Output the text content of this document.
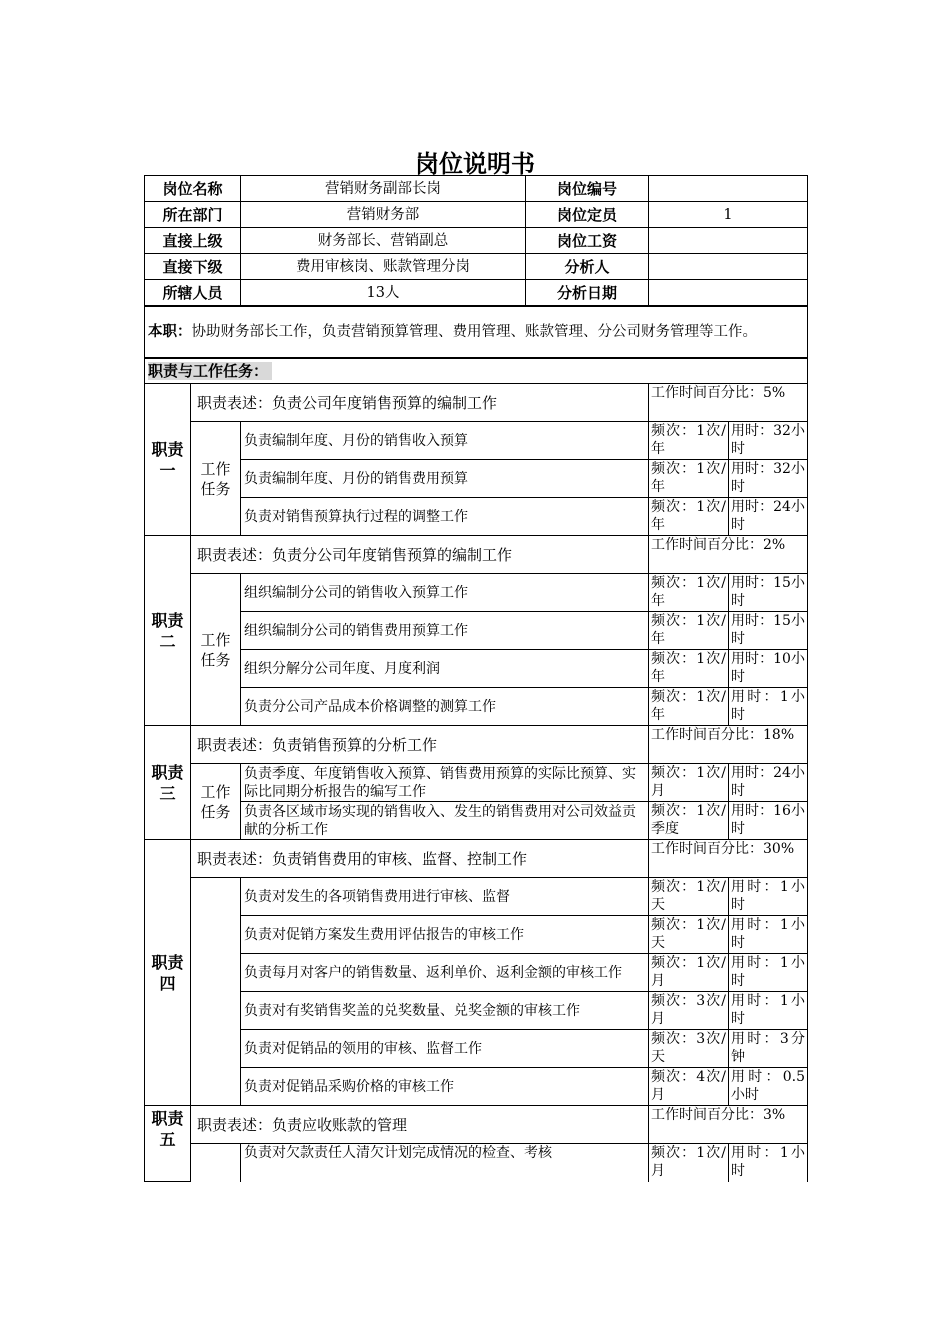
岗位说明书
岗位名称		营销财务副部长岗	岗位编号		
所在部门		营销财务部	岗位定员	1	
直接上级		财务部长、营销副总	岗位工资		
直接下级		费用审核岗、账款管理分岗	分析人		
所辖人员		13人	分析日期		
本职：协助财务部长工作，负责营销预算管理、费用管理、账款管理、分公司财务管理等工作。					
职责与工作任务：					
职责一	职责表述：负责公司年度销售预算的编制工作			工作时间百分比：5%	
	工作任务	负责编制年度、月份的销售收入预算		频次：1次/年	用时：32小时
		负责编制年度、月份的销售费用预算		频次：1次/年	用时：32小时
		负责对销售预算执行过程的调整工作		频次：1次/年	用时：24小时
职责二	职责表述：负责分公司年度销售预算的编制工作			工作时间百分比：2%	
	工作任务	组织编制分公司的销售收入预算工作		频次：1次/年	用时：15小时
		组织编制分公司的销售费用预算工作		频次：1次/年	用时：15小时
		组织分解分公司年度、月度利润		频次：1次/年	用时：10小时
		负责分公司产品成本价格调整的测算工作		频次：1次/年	用时：1小时
职责三	职责表述：负责销售预算的分析工作			工作时间百分比：18%	
	工作任务	负责季度、年度销售收入预算、销售费用预算的实际比预算、实际比同期分析报告的编写工作		频次：1次/月	用时：24小时
		负责各区域市场实现的销售收入、发生的销售费用对公司效益贡献的分析工作		频次：1次/季度	用时：16小时
职责四	职责表述：负责销售费用的审核、监督、控制工作			工作时间百分比：30%	
		负责对发生的各项销售费用进行审核、监督		频次：1次/天	用时：1小时
		负责对促销方案发生费用评估报告的审核工作		频次：1次/天	用时：1小时
		负责每月对客户的销售数量、返利单价、返利金额的审核工作		频次：1次/月	用时：1小时
		负责对有奖销售奖盖的兑奖数量、兑奖金额的审核工作		频次：3次/月	用时：1小时
		负责对促销品的领用的审核、监督工作		频次：3次/天	用时：3分钟
		负责对促销品采购价格的审核工作		频次：4次/月	用时：0.5小时
职责五	职责表述：负责应收账款的管理			工作时间百分比：3%	
		负责对欠款责任人清欠计划完成情况的检查、考核		频次：1次/月	用时：1小时
